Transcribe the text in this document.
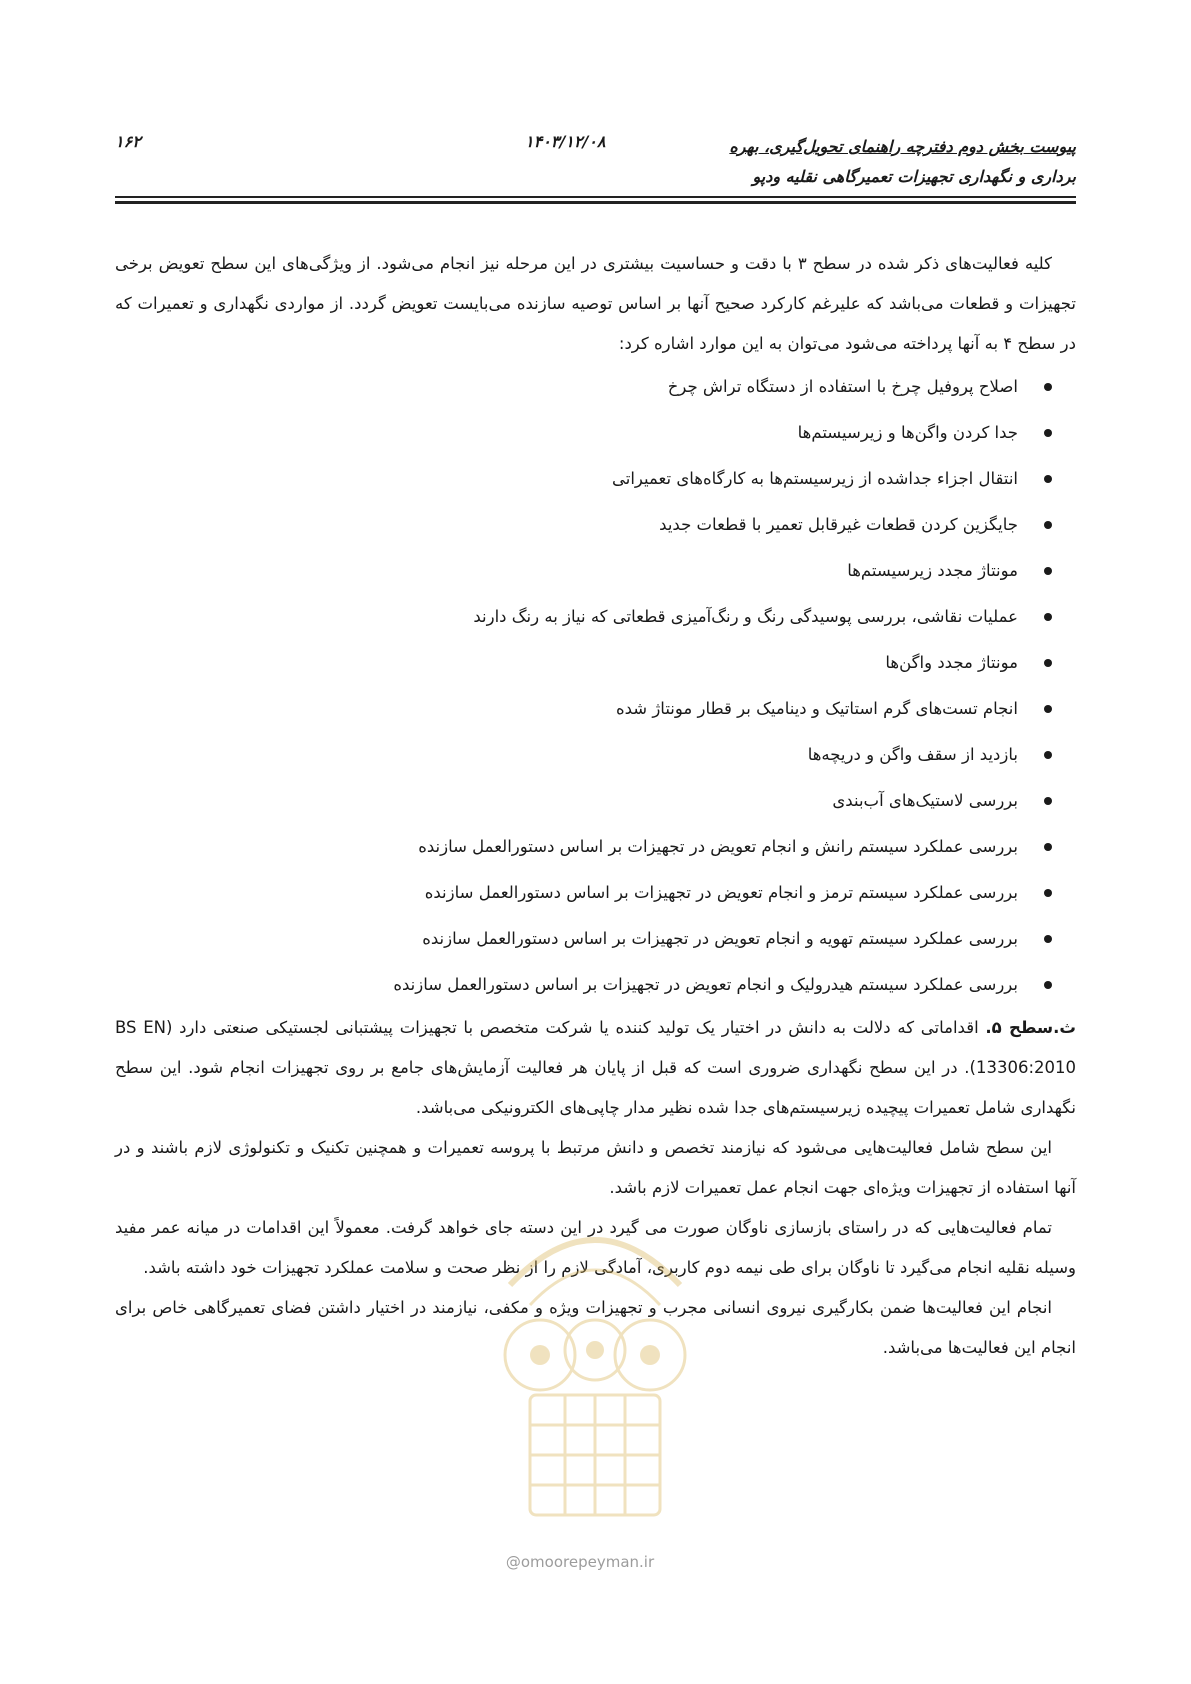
پیوست بخش دوم دفترچه راهنمای تحویل‌گیری، بهره
برداری و نگهداری تجهیزات تعمیرگاهی نقلیه ودپو
۱۴۰۳/۱۲/۰۸
۱۶۲

کلیه فعالیت‌های ذکر شده در سطح ۳ با دقت و حساسیت بیشتری در این مرحله نیز انجام می‌شود. از ویژگی‌های این سطح تعویض برخی تجهیزات و قطعات می‌باشد که علیرغم کارکرد صحیح آنها بر اساس توصیه سازنده می‌بایست تعویض گردد. از مواردی نگهداری و تعمیرات که در سطح ۴ به آنها پرداخته می‌شود می‌توان به این موارد اشاره کرد:

اصلاح پروفیل چرخ با استفاده از دستگاه تراش چرخ
جدا کردن واگن‌ها و زیرسیستم‌ها
انتقال اجزاء جداشده از زیرسیستم‌ها به کارگاه‌های تعمیراتی
جایگزین کردن قطعات غیرقابل تعمیر با قطعات جدید
مونتاژ مجدد زیرسیستم‌ها
عملیات نقاشی، بررسی پوسیدگی رنگ و رنگ‌آمیزی قطعاتی که نیاز به رنگ دارند
مونتاژ مجدد واگن‌ها
انجام تست‌های گرم استاتیک و دینامیک بر قطار مونتاژ شده
بازدید از سقف واگن و دریچه‌ها
بررسی لاستیک‌های آب‌بندی
بررسی عملکرد سیستم رانش و انجام تعویض در تجهیزات بر اساس دستورالعمل سازنده
بررسی عملکرد سیستم ترمز و انجام تعویض در تجهیزات بر اساس دستورالعمل سازنده
بررسی عملکرد سیستم تهویه و انجام تعویض در تجهیزات بر اساس دستورالعمل سازنده
بررسی عملکرد سیستم هیدرولیک و انجام تعویض در تجهیزات بر اساس دستورالعمل سازنده

ث.سطح ۵. اقداماتی که دلالت به دانش در اختیار یک تولید کننده یا شرکت متخصص با تجهیزات پیشتبانی لجستیکی صنعتی دارد (BS EN 13306:2010). در این سطح نگهداری ضروری است که قبل از پایان هر فعالیت آزمایش‌های جامع بر روی تجهیزات انجام شود. این سطح نگهداری شامل تعمیرات پیچیده زیرسیستم‌های جدا شده نظیر مدار چاپی‌های الکترونیکی می‌باشد.

این سطح شامل فعالیت‌هایی می‌شود که نیازمند تخصص و دانش مرتبط با پروسه تعمیرات و همچنین تکنیک و تکنولوژی لازم باشند و در آنها استفاده از تجهیزات ویژه‌ای جهت انجام عمل تعمیرات لازم باشد.

تمام فعالیت‌هایی که در راستای بازسازی ناوگان صورت می گیرد در این دسته جای خواهد گرفت. معمولاً این اقدامات در میانه عمر مفید وسیله نقلیه انجام می‌گیرد تا ناوگان برای طی نیمه دوم کاربری، آمادگی لازم را از نظر صحت و سلامت عملکرد تجهیزات خود داشته باشد.

انجام این فعالیت‌ها ضمن بکارگیری نیروی انسانی مجرب و تجهیزات ویژه و مکفی، نیازمند در اختیار داشتن فضای تعمیرگاهی خاص برای انجام این فعالیت‌ها می‌باشد.

@omoorepeyman.ir
